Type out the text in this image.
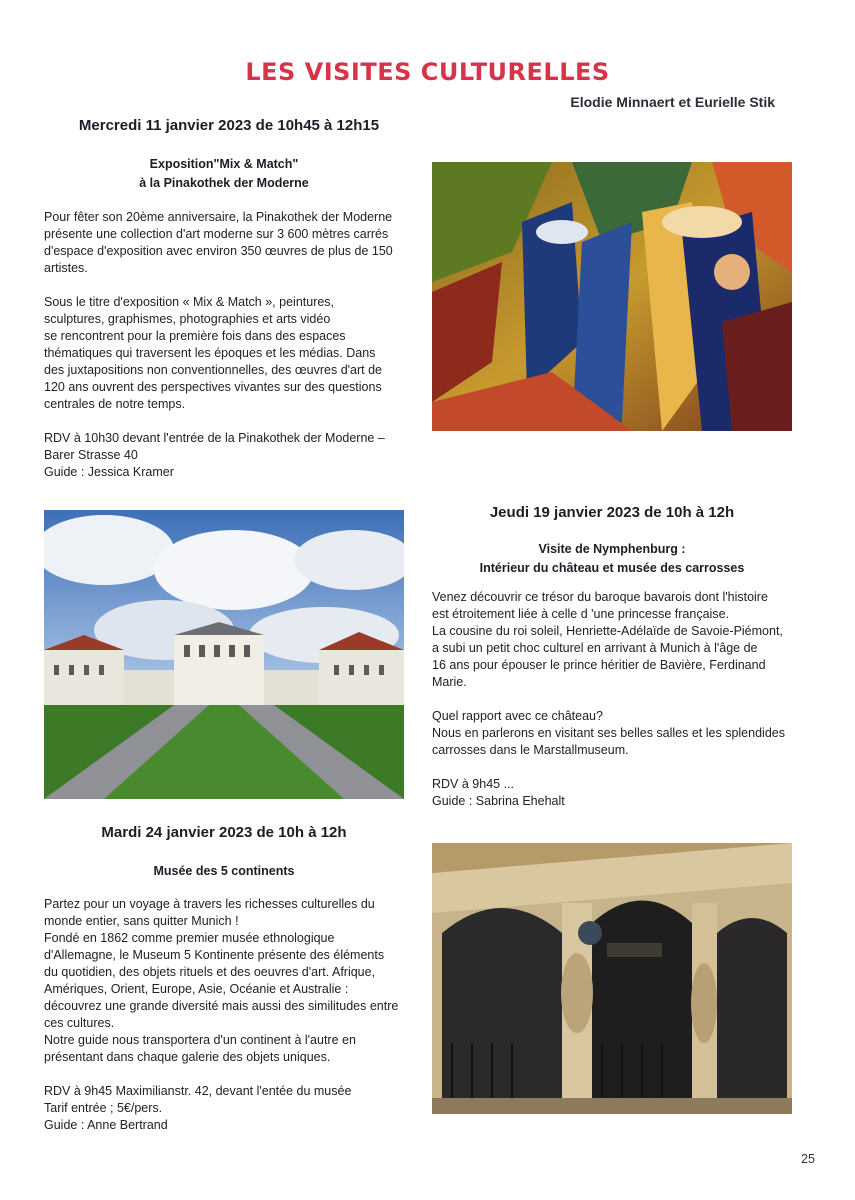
LES VISITES CULTURELLES
Elodie Minnaert et Eurielle Stik
Mercredi 11 janvier 2023 de 10h45 à 12h15
Exposition"Mix & Match"
à la Pinakothek der Moderne

Pour fêter son 20ème anniversaire, la Pinakothek der Moderne
présente une collection d'art moderne sur 3 600 mètres carrés
d'espace d'exposition avec environ 350 œuvres de plus de 150
artistes.

Sous le titre d'exposition « Mix & Match », peintures,
sculptures, graphismes, photographies et arts vidéo
se rencontrent pour la première fois dans des espaces
thématiques qui traversent les époques et les médias. Dans
des juxtapositions non conventionnelles, des œuvres d'art de
120 ans ouvrent des perspectives vivantes sur des questions
centrales de notre temps.

RDV à 10h30 devant l'entrée de la Pinakothek der Moderne –
Barer Strasse 40
Guide : Jessica Kramer

Jeudi 19 janvier 2023 de 10h à 12h
Visite de Nymphenburg :
Intérieur du château et musée des carrosses

Venez découvrir ce trésor du baroque bavarois dont l'histoire
est étroitement liée à celle d 'une princesse française.
La cousine du roi soleil, Henriette-Adélaïde de Savoie-Piémont,
a subi un petit choc culturel en arrivant à Munich à l'âge de
16 ans pour épouser le prince héritier de Bavière, Ferdinand
Marie.

Quel rapport avec ce château?
Nous en parlerons en visitant ses belles salles et les splendides
carrosses dans le Marstallmuseum.

RDV à 9h45 ...
Guide : Sabrina Ehehalt

Mardi 24 janvier 2023 de 10h à 12h
Musée des 5 continents

Partez pour un voyage à travers les richesses culturelles du
monde entier, sans quitter Munich !
Fondé en 1862 comme premier musée ethnologique
d'Allemagne, le Museum 5 Kontinente présente des éléments
du quotidien, des objets rituels et des oeuvres d'art. Afrique,
Amériques, Orient, Europe, Asie, Océanie et Australie :
découvrez une grande diversité mais aussi des similitudes entre
ces cultures.
Notre guide nous transportera d'un continent à l'autre en
présentant dans chaque galerie des objets uniques.

RDV à 9h45 Maximilianstr. 42, devant l'entée du musée
Tarif entrée ; 5€/pers.
Guide : Anne Bertrand

25
